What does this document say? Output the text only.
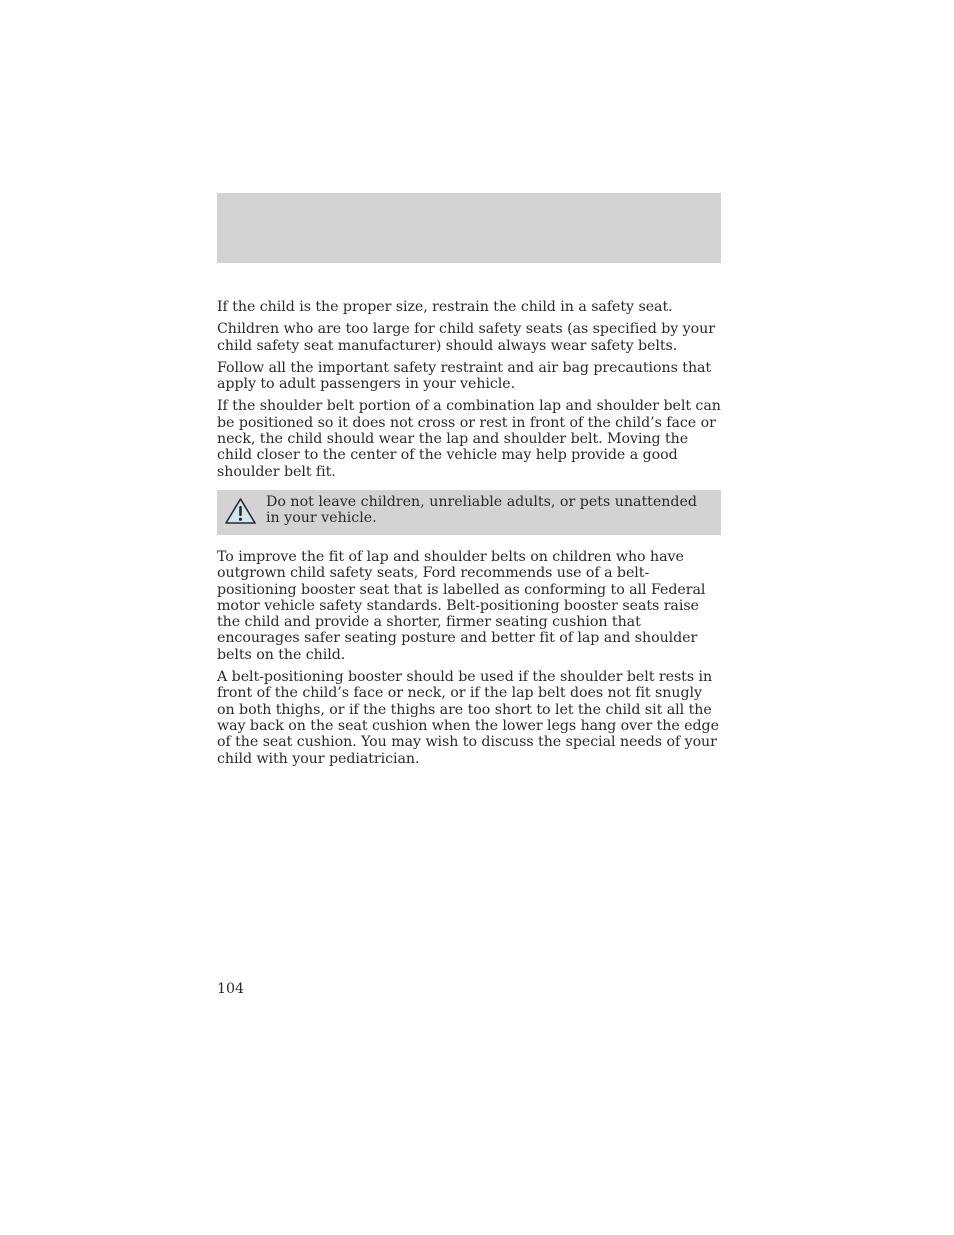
If the child is the proper size, restrain the child in a safety seat.

Children who are too large for child safety seats (as specified by your child safety seat manufacturer) should always wear safety belts.

Follow all the important safety restraint and air bag precautions that apply to adult passengers in your vehicle.

If the shoulder belt portion of a combination lap and shoulder belt can be positioned so it does not cross or rest in front of the child’s face or neck, the child should wear the lap and shoulder belt. Moving the child closer to the center of the vehicle may help provide a good shoulder belt fit.

Do not leave children, unreliable adults, or pets unattended in your vehicle.

To improve the fit of lap and shoulder belts on children who have outgrown child safety seats, Ford recommends use of a belt-positioning booster seat that is labelled as conforming to all Federal motor vehicle safety standards. Belt-positioning booster seats raise the child and provide a shorter, firmer seating cushion that encourages safer seating posture and better fit of lap and shoulder belts on the child.

A belt-positioning booster should be used if the shoulder belt rests in front of the child’s face or neck, or if the lap belt does not fit snugly on both thighs, or if the thighs are too short to let the child sit all the way back on the seat cushion when the lower legs hang over the edge of the seat cushion. You may wish to discuss the special needs of your child with your pediatrician.

104
